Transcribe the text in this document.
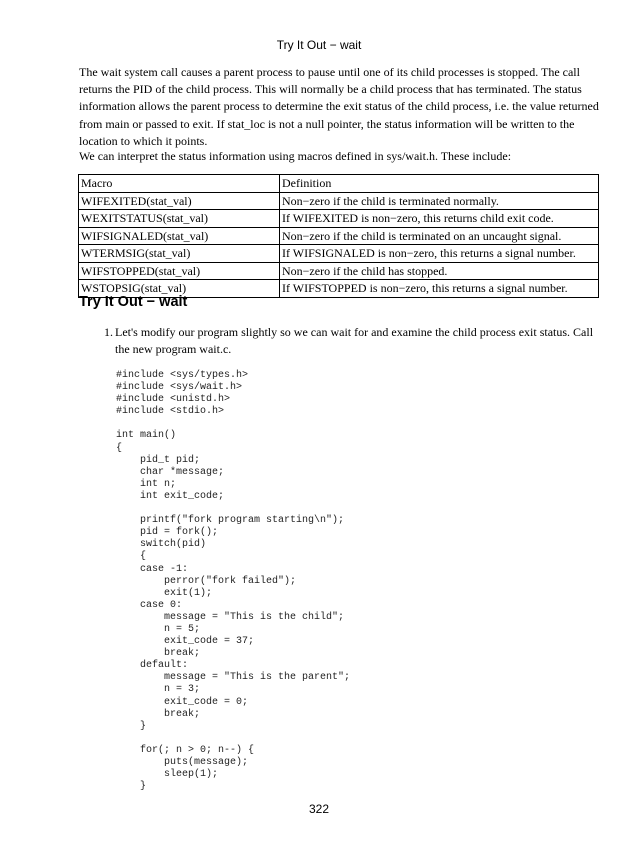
Try It Out − wait

The wait system call causes a parent process to pause until one of its child processes is stopped. The call returns the PID of the child process. This will normally be a child process that has terminated. The status information allows the parent process to determine the exit status of the child process, i.e. the value returned from main or passed to exit. If stat_loc is not a null pointer, the status information will be written to the location to which it points.

We can interpret the status information using macros defined in sys/wait.h. These include:

Macro	Definition
WIFEXITED(stat_val)	Non−zero if the child is terminated normally.
WEXITSTATUS(stat_val)	If WIFEXITED is non−zero, this returns child exit code.
WIFSIGNALED(stat_val)	Non−zero if the child is terminated on an uncaught signal.
WTERMSIG(stat_val)	If WIFSIGNALED is non−zero, this returns a signal number.
WIFSTOPPED(stat_val)	Non−zero if the child has stopped.
WSTOPSIG(stat_val)	If WIFSTOPPED is non−zero, this returns a signal number.
Try It Out − wait
1. Let's modify our program slightly so we can wait for and examine the child process exit status. Call the new program wait.c.
#include <sys/types.h>
#include <sys/wait.h>
#include <unistd.h>
#include <stdio.h>
int main()
{
pid_t pid;
char *message;
int n;
int exit_code;
printf("fork program starting\n");
pid = fork();
switch(pid)
{
case -1:
perror("fork failed");
exit(1);
case 0:
message = "This is the child";
n = 5;
exit_code = 37;
break;
default:
message = "This is the parent";
n = 3;
exit_code = 0;
break;
}
for(; n > 0; n--) {
puts(message);
sleep(1);
}
322
